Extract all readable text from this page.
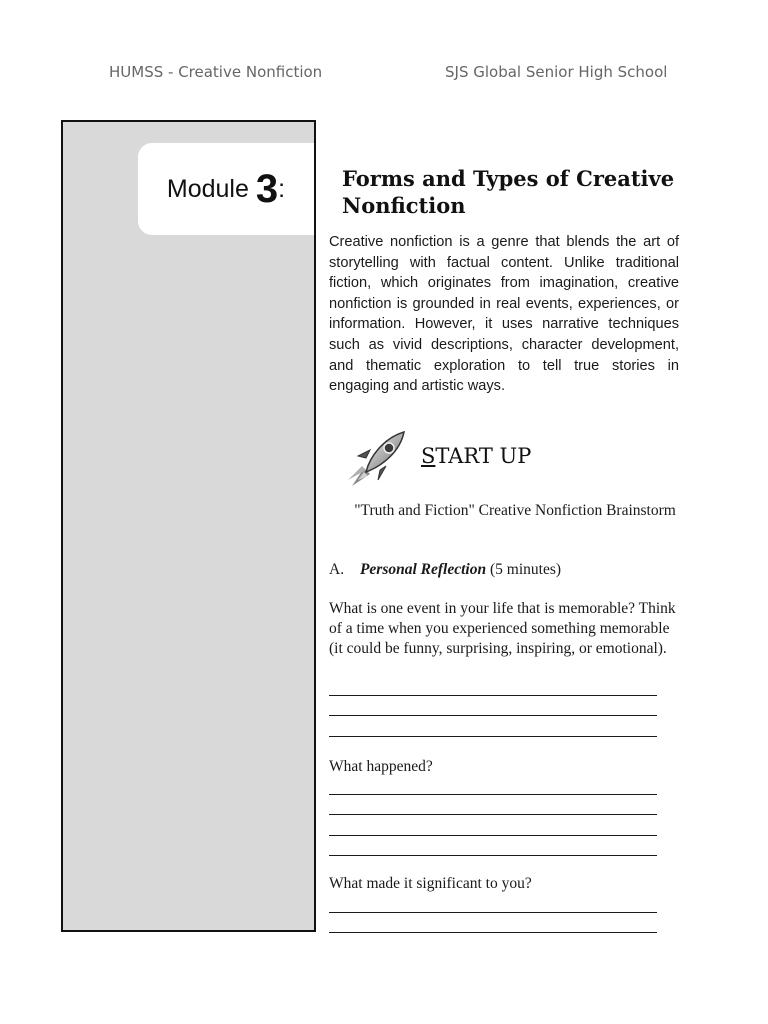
HUMSS - Creative Nonfiction	SJS Global Senior High School
Module 3 :	Forms and Types of Creative Nonfiction

Creative nonfiction is a genre that blends the art of storytelling with factual content. Unlike traditional fiction, which originates from imagination, creative nonfiction is grounded in real events, experiences, or information. However, it uses narrative techniques such as vivid descriptions, character development, and thematic exploration to tell true stories in engaging and artistic ways.

START UP
"Truth and Fiction" Creative Nonfiction Brainstorm
A. Personal Reflection (5 minutes)
What is one event in your life that is memorable? Think of a time when you experienced something memorable (it could be funny, surprising, inspiring, or emotional).
What happened?
What made it significant to you?
